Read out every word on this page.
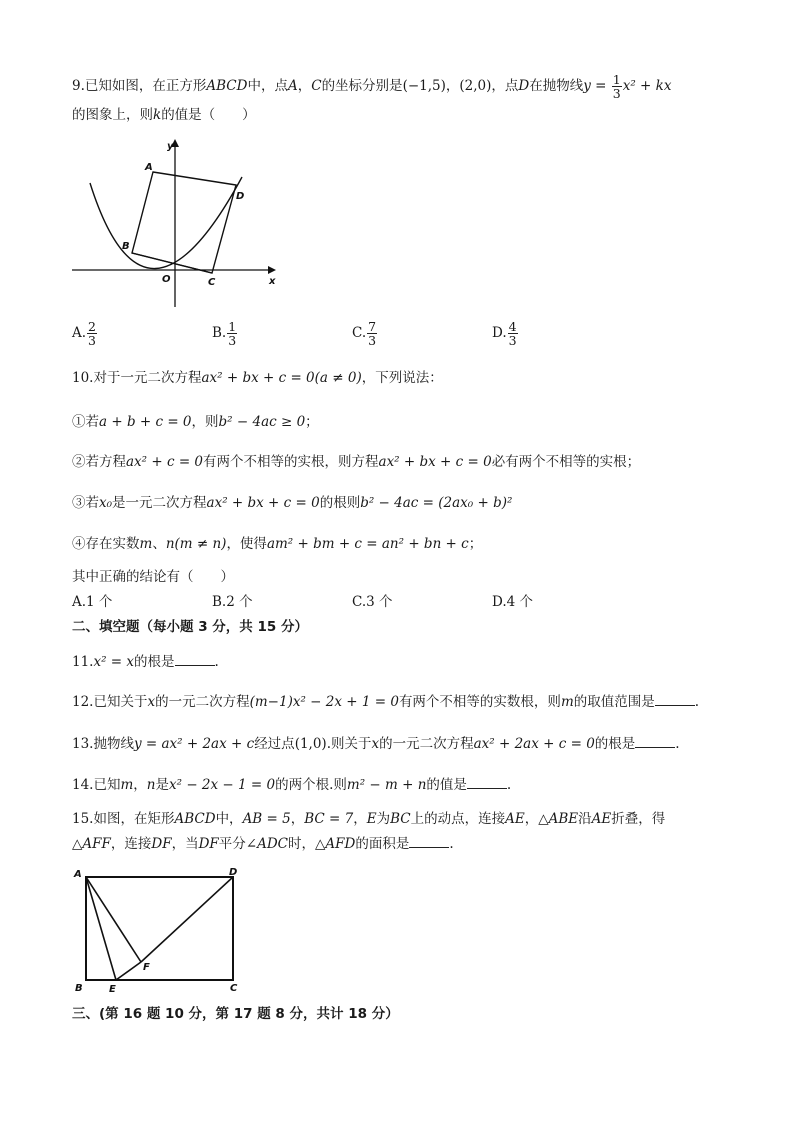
9.已知如图，在正方形ABCD中，点A，C的坐标分别是(−1,5)，(2,0)，点D在抛物线$y = \frac{1}{3} x^2$ + kx
的图象上，则k的值是（　　）
A
B
C
D
O	x
y
A. $\frac{2}{3}$	B. $\frac{1}{3}$	C. $\frac{7}{3}$	D. $\frac{4}{3}$
10.对于一元二次方程ax² + bx + c = 0(a ≠ 0)，下列说法：
①若a + b + c = 0，则b² − 4ac ≥ 0；
②若方程ax² + c = 0有两个不相等的实根，则方程ax² + bx + c = 0必有两个不相等的实根；
③若x₀是一元二次方程ax² + bx + c = 0的根则b² − 4ac = (2ax₀ + b)²
④存在实数m、n(m ≠ n)，使得am² + bm + c = an² + bn + c；
其中正确的结论有（　　）
A.1 个	B.2 个	C.3 个	D.4 个
二、填空题（每小题 3 分，共 15 分）
11.x² = x的根是	.
12.已知关于x的一元二次方程(m−1)x² − 2x + 1 = 0有两个不相等的实数根，则m的取值范围是	.
13.抛物线y = ax² + 2ax + c经过点(1,0).则关于x的一元二次方程ax² + 2ax + c = 0的根是	.
14.已知m，n是x² − 2x − 1 = 0的两个根.则m² − m + n的值是	.
15.如图，在矩形ABCD中，AB = 5，BC = 7，E为BC上的动点，连接AE，△ABE沿AE折叠，得
△AFF，连接DF，当DF平分∠ADC时，△AFD的面积是	.
A	D
B	C
E
F
三、(第 16 题 10 分，第 17 题 8 分，共计 18 分）
